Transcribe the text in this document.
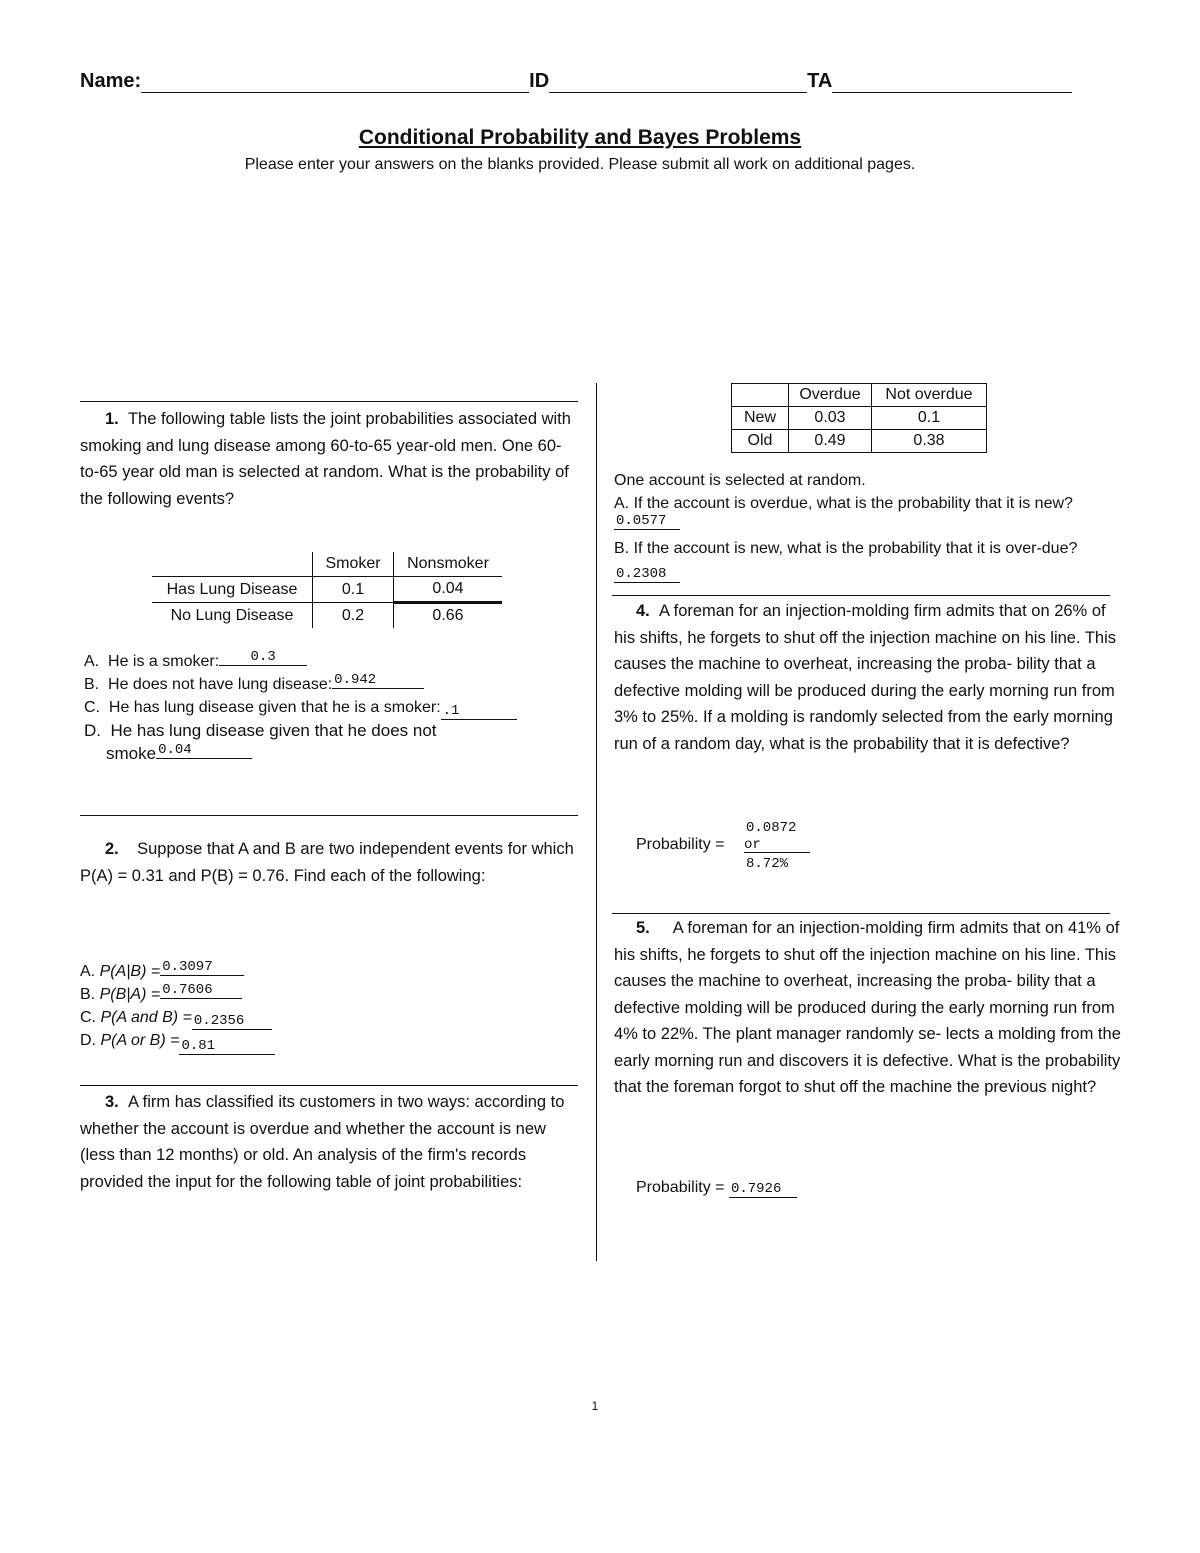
Name:	ID	TA
Conditional Probability and Bayes Problems
Please enter your answers on the blanks provided. Please submit all work on additional pages.
1. The following table lists the joint probabilities associated with smoking and lung disease among 60-to-65 year-old men. One 60-to-65 year old man is selected at random. What is the probability of the following events?
	Smoker	Nonsmoker
Has Lung Disease	0.1	0.04
No Lung Disease	0.2	0.66
A. He is a smoker: 0.3
B. He does not have lung disease: 0.942
C. He has lung disease given that he is a smoker: .1
D. He has lung disease given that he does not
smoke 0.04
2. Suppose that A and B are two independent events for which P(A) = 0.31 and P(B) = 0.76. Find each of the following:
A. P(A|B) = 0.3097
B. P(B|A) = 0.7606
C. P(A and B) = 0.2356
D. P(A or B) = 0.81
3. A firm has classified its customers in two ways: according to whether the account is overdue and whether the account is new (less than 12 months) or old. An analysis of the firm's records provided the input for the following table of joint probabilities:
	Overdue	Not overdue
New	0.03	0.1
Old	0.49	0.38
One account is selected at random.
A. If the account is overdue, what is the probability that it is new? 0.0577
B. If the account is new, what is the probability that it is over-due? 0.2308
4. A foreman for an injection-molding firm admits that on 26% of his shifts, he forgets to shut off the injection machine on his line. This causes the machine to overheat, increasing the proba- bility that a defective molding will be produced during the early morning run from 3% to 25%. If a molding is randomly selected from the early morning run of a random day, what is the probability that it is defective?
Probability =
0.0872
or
8.72%
5. A foreman for an injection-molding firm admits that on 41% of his shifts, he forgets to shut off the injection machine on his line. This causes the machine to overheat, increasing the proba- bility that a defective molding will be produced during the early morning run from 4% to 22%. The plant manager randomly se- lects a molding from the early morning run and discovers it is defective. What is the probability that the foreman forgot to shut off the machine the previous night?
Probability = 0.7926
1
